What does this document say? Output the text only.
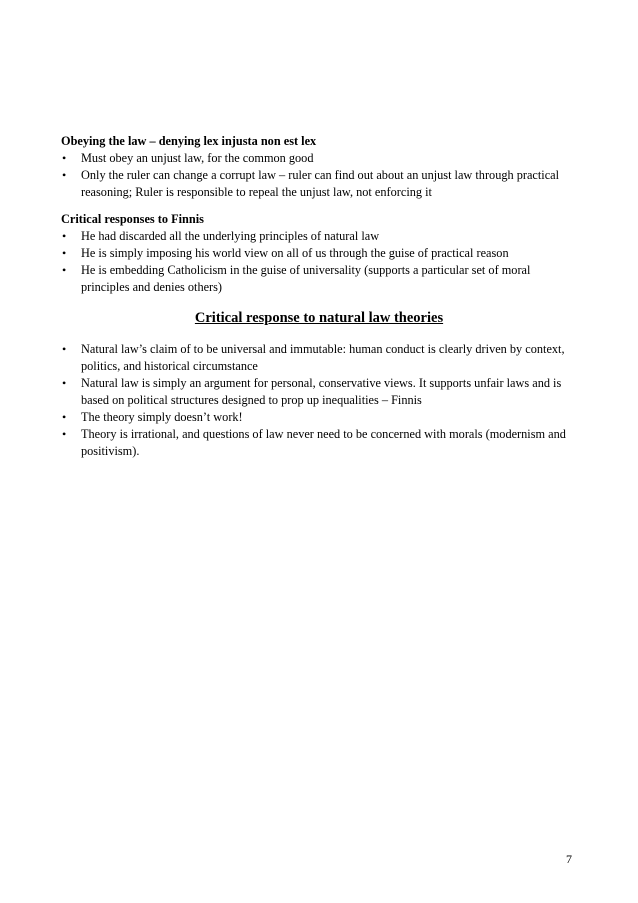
Obeying the law – denying lex injusta non est lex
• Must obey an unjust law, for the common good
• Only the ruler can change a corrupt law – ruler can find out about an unjust law through practical reasoning; Ruler is responsible to repeal the unjust law, not enforcing it
Critical responses to Finnis
• He had discarded all the underlying principles of natural law
• He is simply imposing his world view on all of us through the guise of practical reason
• He is embedding Catholicism in the guise of universality (supports a particular set of moral principles and denies others)
Critical response to natural law theories
• Natural law’s claim of to be universal and immutable: human conduct is clearly driven by context, politics, and historical circumstance
• Natural law is simply an argument for personal, conservative views. It supports unfair laws and is based on political structures designed to prop up inequalities – Finnis
• The theory simply doesn’t work!
• Theory is irrational, and questions of law never need to be concerned with morals (modernism and positivism).
7
